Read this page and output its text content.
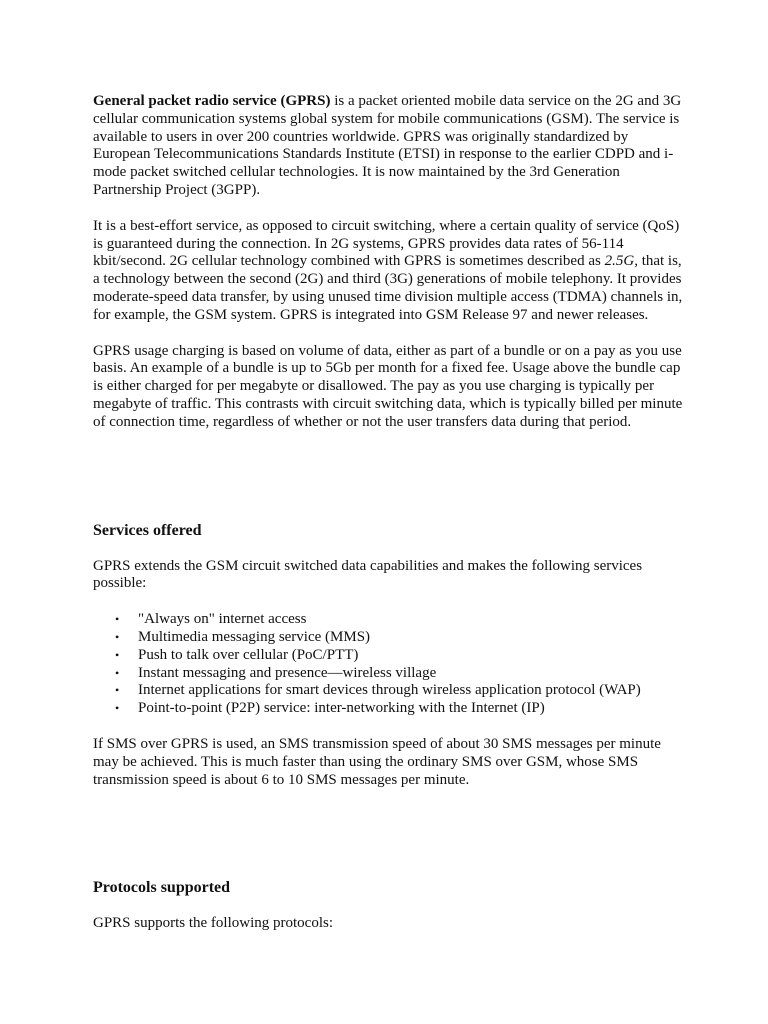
General packet radio service (GPRS) is a packet oriented mobile data service on the 2G and 3G cellular communication systems global system for mobile communications (GSM). The service is available to users in over 200 countries worldwide. GPRS was originally standardized by European Telecommunications Standards Institute (ETSI) in response to the earlier CDPD and i-mode packet switched cellular technologies. It is now maintained by the 3rd Generation Partnership Project (3GPP).

It is a best-effort service, as opposed to circuit switching, where a certain quality of service (QoS) is guaranteed during the connection. In 2G systems, GPRS provides data rates of 56-114 kbit/second. 2G cellular technology combined with GPRS is sometimes described as 2.5G, that is, a technology between the second (2G) and third (3G) generations of mobile telephony. It provides moderate-speed data transfer, by using unused time division multiple access (TDMA) channels in, for example, the GSM system. GPRS is integrated into GSM Release 97 and newer releases.

GPRS usage charging is based on volume of data, either as part of a bundle or on a pay as you use basis. An example of a bundle is up to 5Gb per month for a fixed fee. Usage above the bundle cap is either charged for per megabyte or disallowed. The pay as you use charging is typically per megabyte of traffic. This contrasts with circuit switching data, which is typically billed per minute of connection time, regardless of whether or not the user transfers data during that period.

Services offered

GPRS extends the GSM circuit switched data capabilities and makes the following services possible:

• "Always on" internet access
• Multimedia messaging service (MMS)
• Push to talk over cellular (PoC/PTT)
• Instant messaging and presence—wireless village
• Internet applications for smart devices through wireless application protocol (WAP)
• Point-to-point (P2P) service: inter-networking with the Internet (IP)

If SMS over GPRS is used, an SMS transmission speed of about 30 SMS messages per minute may be achieved. This is much faster than using the ordinary SMS over GSM, whose SMS transmission speed is about 6 to 10 SMS messages per minute.

Protocols supported

GPRS supports the following protocols:
